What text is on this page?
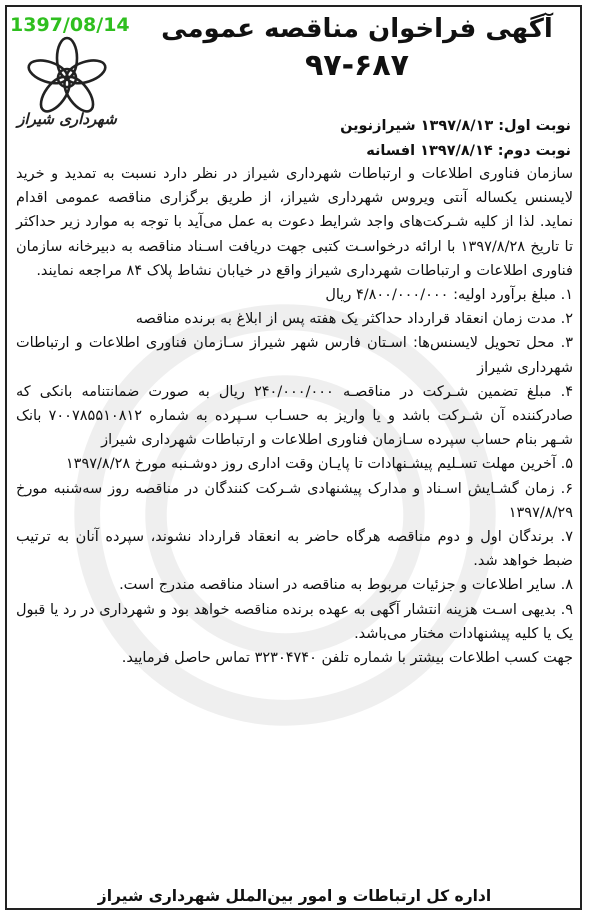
1397/08/14
شهرداری شیراز
آگهی فراخوان مناقصه عمومی
۹۷-۶۸۷
نوبت اول: ۱۳۹۷/۸/۱۳ شیرازنوین
نوبت دوم: ۱۳۹۷/۸/۱۴ افسانه

سازمان فناوری اطلاعات و ارتباطات شهرداری شیراز در نظر دارد نسبت به تمدید و خرید لایسنس یکساله آنتی ویروس شهرداری شیراز، از طریق برگزاری مناقصه عمومی اقدام نماید. لذا از کلیه شـرکت‌های واجد شرایط دعوت به عمل می‌آید با توجه به موارد زیر حداکثر تا تاریخ ۱۳۹۷/۸/۲۸ با ارائه درخواسـت کتبی جهت دریافت اسـناد مناقصه به دبیرخانه سازمان فناوری اطلاعات و ارتباطات شهرداری شیراز واقع در خیابان نشاط پلاک ۸۴ مراجعه نمایند.

۱. مبلغ برآورد اولیه: ۴/۸۰۰/۰۰۰/۰۰۰ ریال
۲. مدت زمان انعقاد قرارداد حداکثر یک هفته پس از ابلاغ به برنده مناقصه
۳. محل تحویل لایسنس‌ها: اسـتان فارس شهر شیراز سـازمان فناوری اطلاعات و ارتباطات شهرداری شیراز
۴. مبلغ تضمین شـرکت در مناقصـه ۲۴۰/۰۰۰/۰۰۰ ریال به صورت ضمانتنامه بانکی که صادرکننده آن شـرکت باشد و یا واریز به حسـاب سـپرده به شماره ۷۰۰۷۸۵۵۱۰۸۱۲ بانک شـهر بنام حساب سپرده سـازمان فناوری اطلاعات و ارتباطات شهرداری شیراز
۵. آخرین مهلت تسـلیم پیشـنهادات تا پایـان وقت اداری روز دوشـنبه مورخ ۱۳۹۷/۸/۲۸
۶. زمان گشـایش اسـناد و مدارک پیشنهادی شـرکت کنندگان در مناقصه روز سه‌شنبه مورخ ۱۳۹۷/۸/۲۹
۷. برندگان اول و دوم مناقصه هرگاه حاضر به انعقاد قرارداد نشوند، سپرده آنان به ترتیب ضبط خواهد شد.
۸. سایر اطلاعات و جزئیات مربوط به مناقصه در اسناد مناقصه مندرج است.
۹. بدیهی اسـت هزینه انتشار آگهی به عهده برنده مناقصه خواهد بود و شهرداری در رد یا قبول یک یا کلیه پیشنهادات مختار می‌باشد.

جهت کسب اطلاعات بیشتر با شماره تلفن ۳۲۳۰۴۷۴۰ تماس حاصل فرمایید.

اداره کل ارتباطات و امور بین‌الملل شهرداری شیراز
